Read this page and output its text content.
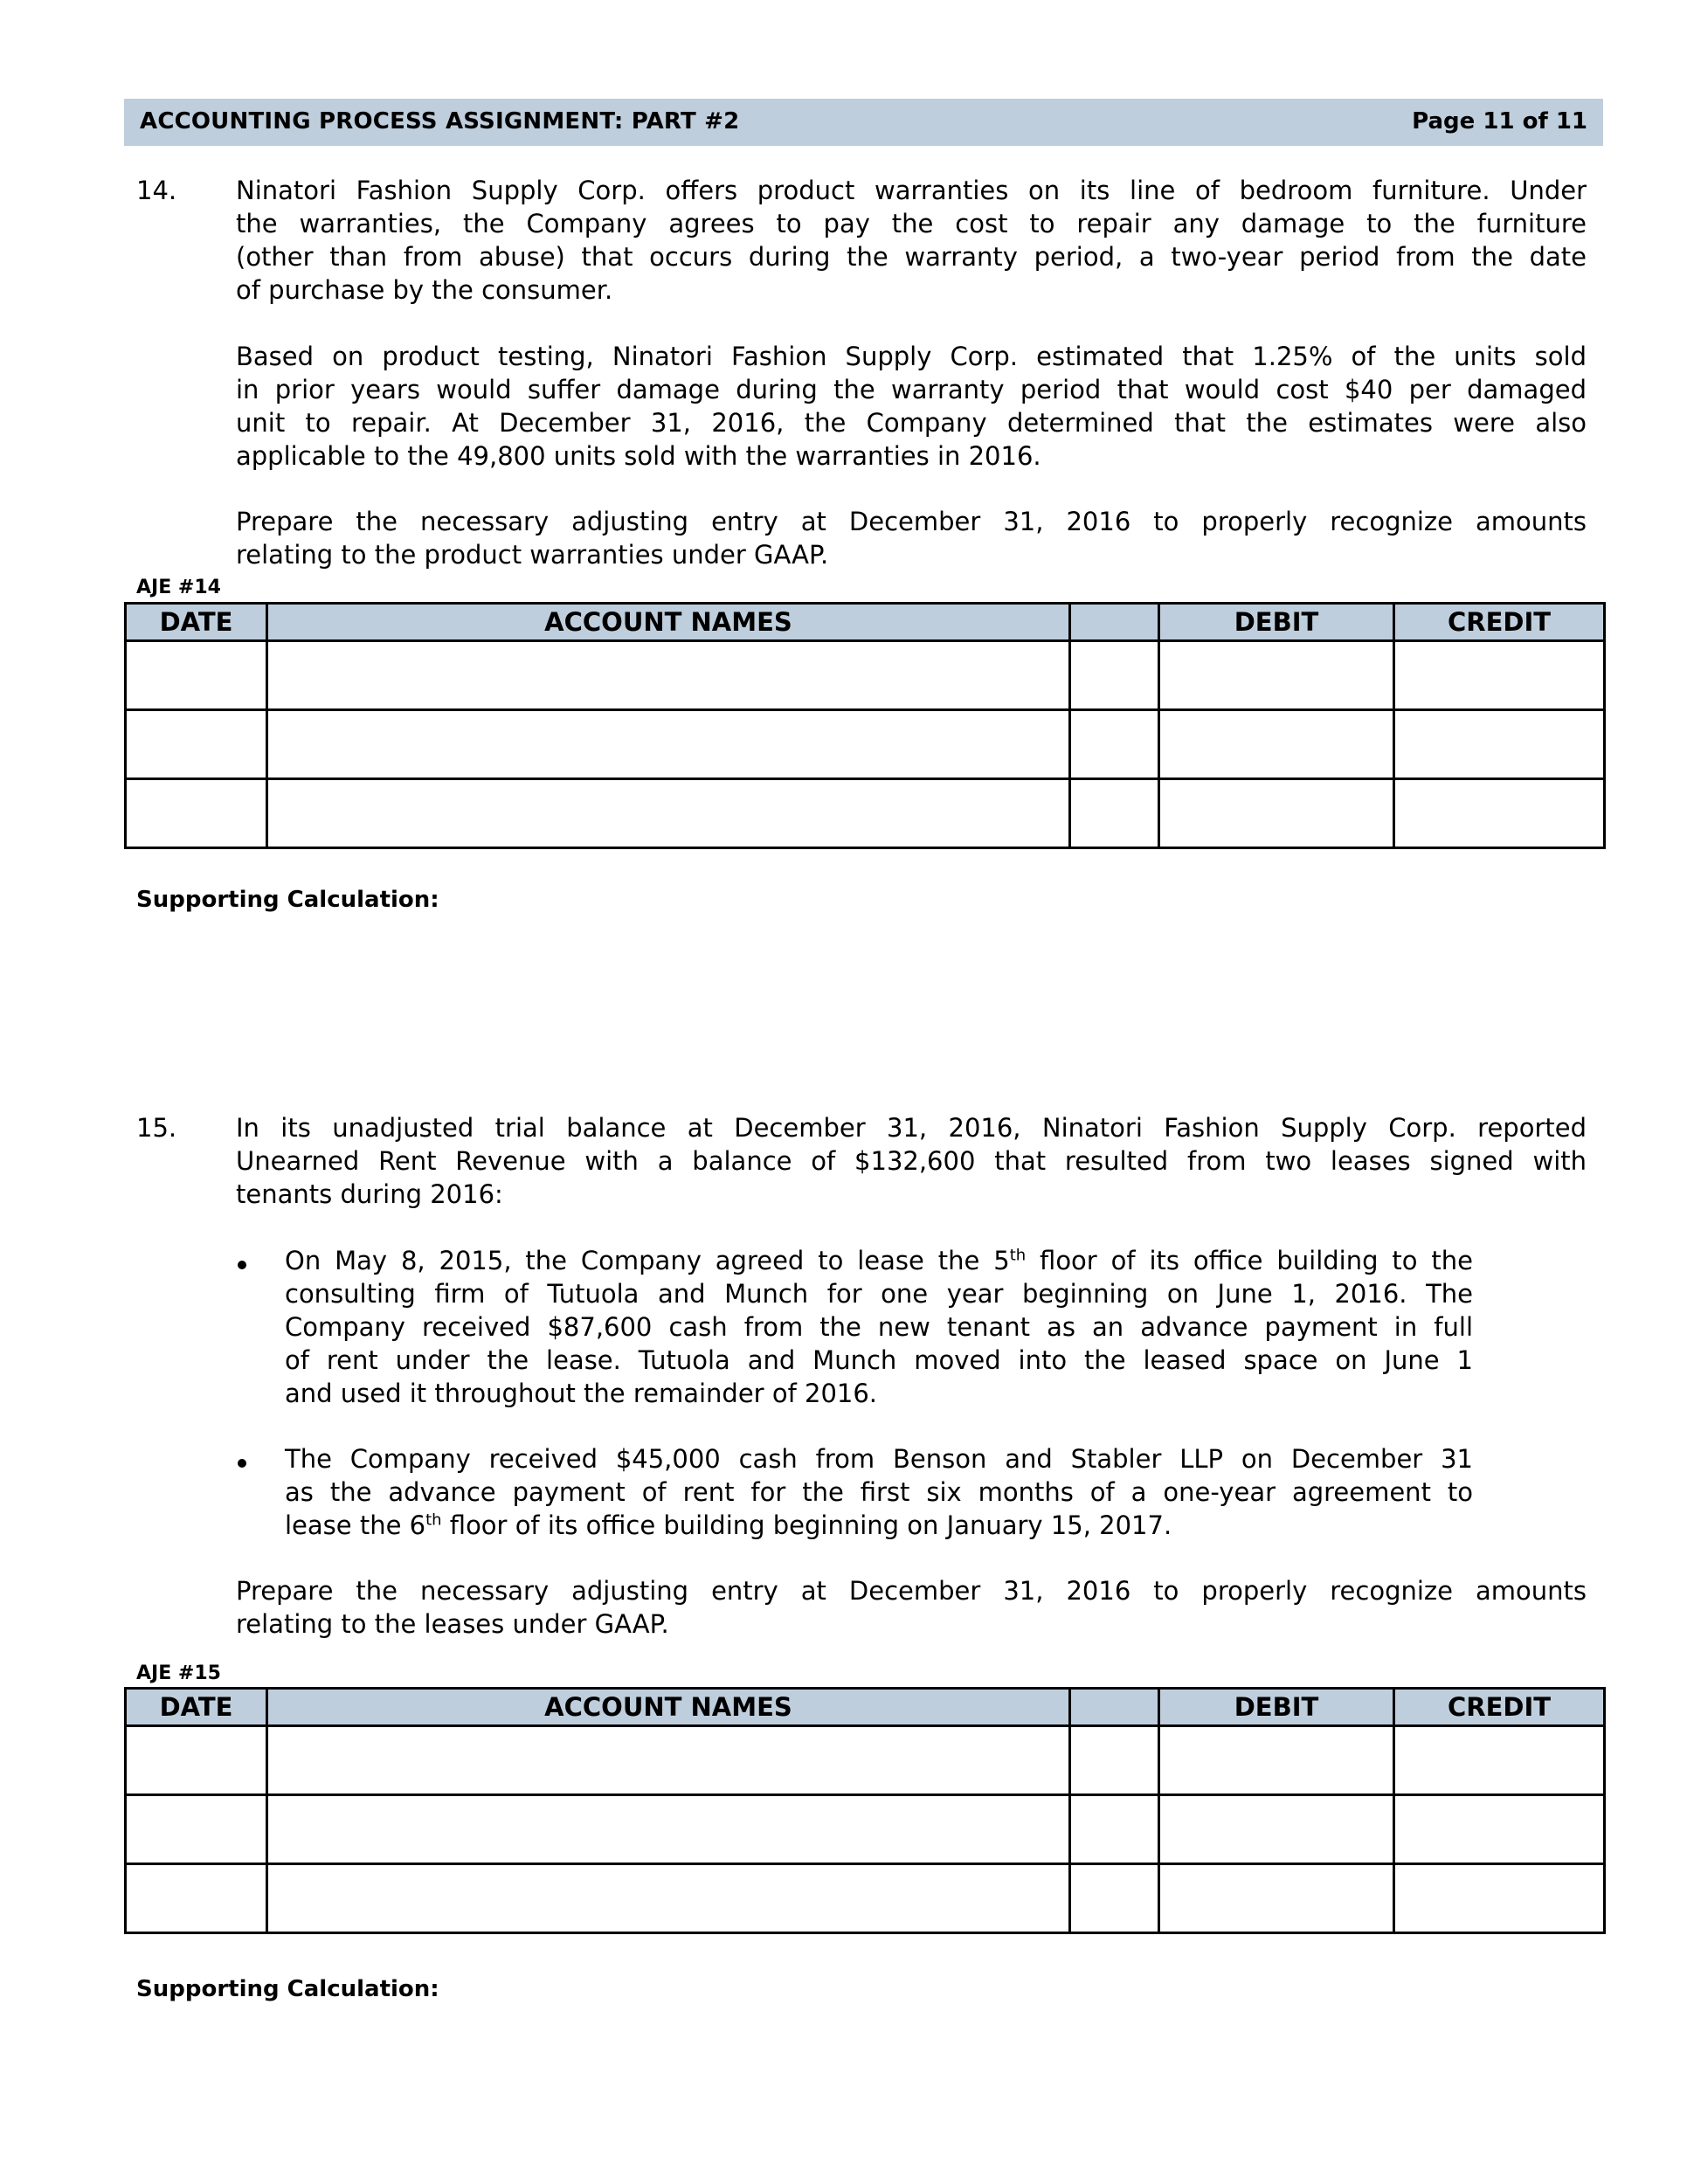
ACCOUNTING PROCESS ASSIGNMENT: PART #2	Page 11 of 11
14. Ninatori Fashion Supply Corp. offers product warranties on its line of bedroom furniture. Under
the warranties, the Company agrees to pay the cost to repair any damage to the furniture
(other than from abuse) that occurs during the warranty period, a two-year period from the date
of purchase by the consumer.
Based on product testing, Ninatori Fashion Supply Corp. estimated that 1.25% of the units sold
in prior years would suffer damage during the warranty period that would cost $40 per damaged
unit to repair. At December 31, 2016, the Company determined that the estimates were also
applicable to the 49,800 units sold with the warranties in 2016.
Prepare the necessary adjusting entry at December 31, 2016 to properly recognize amounts
relating to the product warranties under GAAP.
AJE #14
DATE	ACCOUNT NAMES		DEBIT	CREDIT

Supporting Calculation:
15. In its unadjusted trial balance at December 31, 2016, Ninatori Fashion Supply Corp. reported
Unearned Rent Revenue with a balance of $132,600 that resulted from two leases signed with
tenants during 2016:
On May 8, 2015, the Company agreed to lease the 5th floor of its office building to the
consulting firm of Tutuola and Munch for one year beginning on June 1, 2016. The
Company received $87,600 cash from the new tenant as an advance payment in full
of rent under the lease. Tutuola and Munch moved into the leased space on June 1
and used it throughout the remainder of 2016.
The Company received $45,000 cash from Benson and Stabler LLP on December 31
as the advance payment of rent for the first six months of a one-year agreement to
lease the 6th floor of its office building beginning on January 15, 2017.
Prepare the necessary adjusting entry at December 31, 2016 to properly recognize amounts
relating to the leases under GAAP.
AJE #15
DATE	ACCOUNT NAMES		DEBIT	CREDIT

Supporting Calculation:
